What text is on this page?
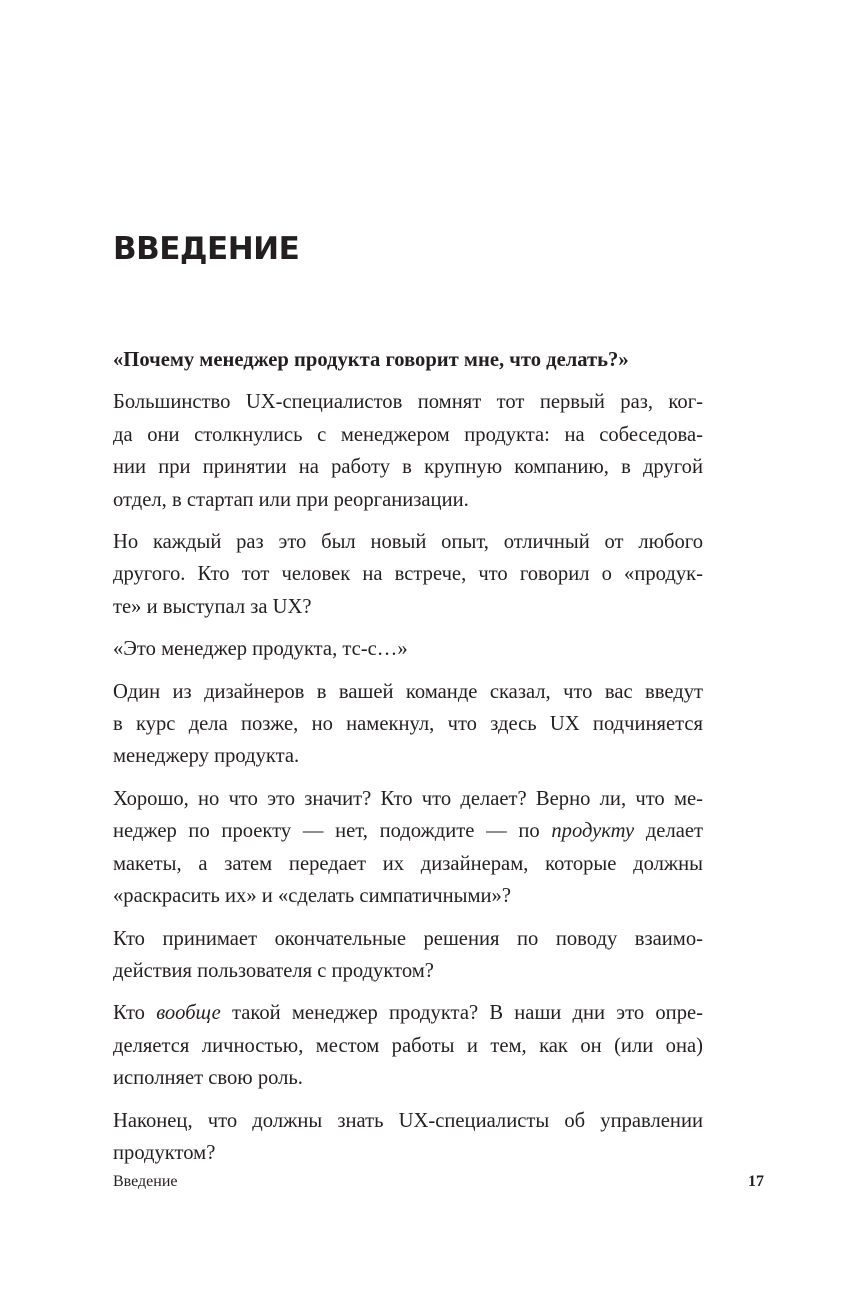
ВВЕДЕНИЕ
«Почему менеджер продукта говорит мне, что делать?»
Большинство UX-специалистов помнят тот первый раз, ког-
да они столкнулись с менеджером продукта: на собеседова-
нии при принятии на работу в крупную компанию, в другой
отдел, в стартап или при реорганизации.
Но каждый раз это был новый опыт, отличный от любого
другого. Кто тот человек на встрече, что говорил о «продук-
те» и выступал за UX?
«Это менеджер продукта, тс-с…»
Один из дизайнеров в вашей команде сказал, что вас введут
в курс дела позже, но намекнул, что здесь UX подчиняется
менеджеру продукта.
Хорошо, но что это значит? Кто что делает? Верно ли, что ме-
неджер по проекту — нет, подождите — по продукту делает
макеты, а затем передает их дизайнерам, которые должны
«раскрасить их» и «сделать симпатичными»?
Кто принимает окончательные решения по поводу взаимо-
действия пользователя с продуктом?
Кто вообще такой менеджер продукта? В наши дни это опре-
деляется личностью, местом работы и тем, как он (или она)
исполняет свою роль.
Наконец, что должны знать UX-специалисты об управлении
продуктом?
Введение	17
